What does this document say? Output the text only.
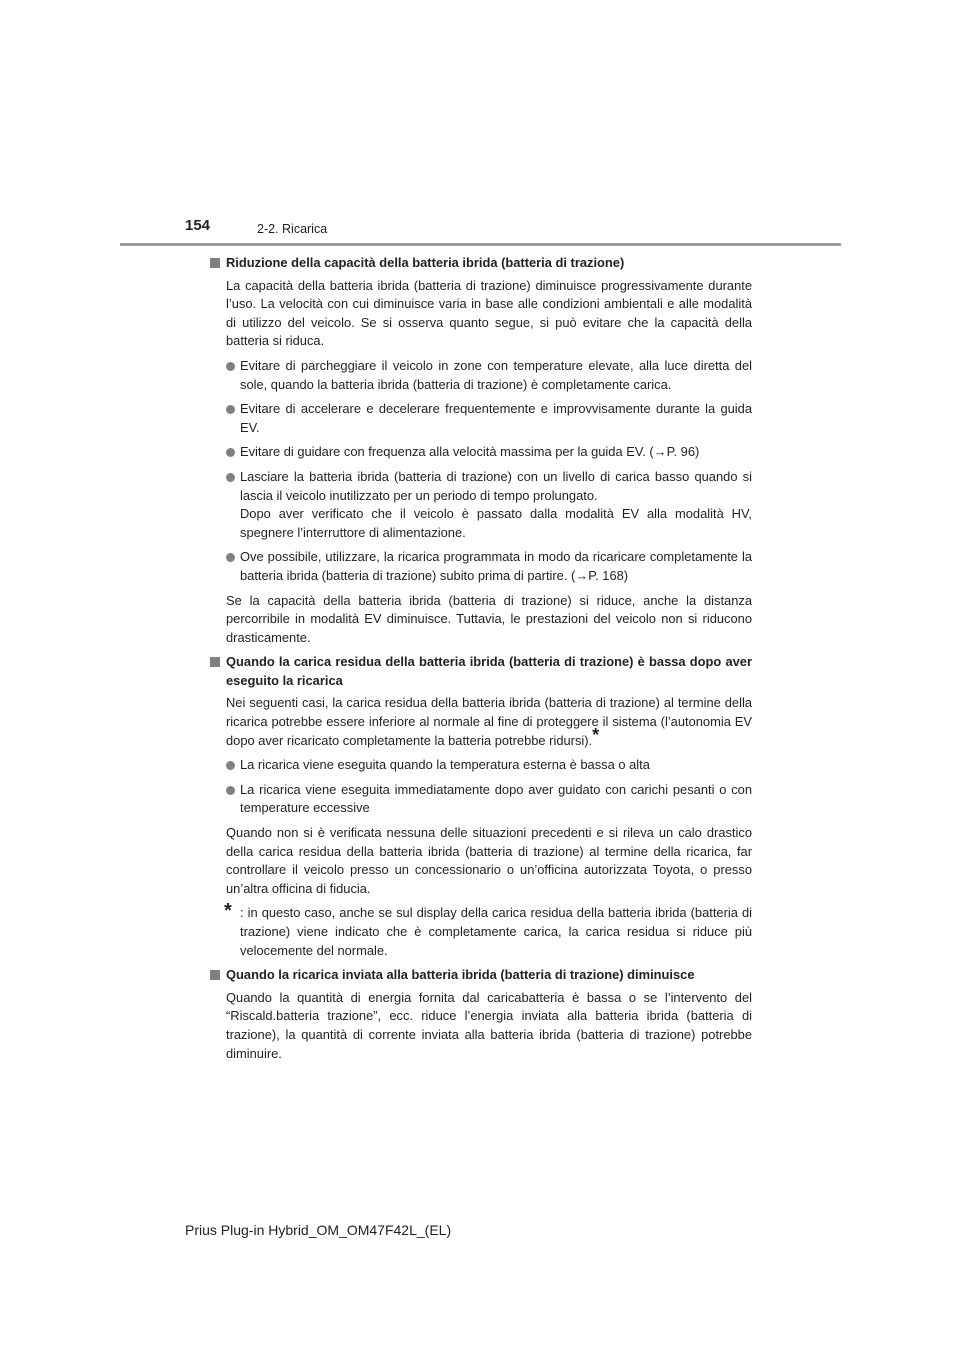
154	2-2. Ricarica
Riduzione della capacità della batteria ibrida (batteria di trazione)
La capacità della batteria ibrida (batteria di trazione) diminuisce progressivamente durante l’uso. La velocità con cui diminuisce varia in base alle condizioni ambientali e alle modalità di utilizzo del veicolo. Se si osserva quanto segue, si può evitare che la capacità della batteria si riduca.
Evitare di parcheggiare il veicolo in zone con temperature elevate, alla luce diretta del sole, quando la batteria ibrida (batteria di trazione) è completamente carica.
Evitare di accelerare e decelerare frequentemente e improvvisamente durante la guida EV.
Evitare di guidare con frequenza alla velocità massima per la guida EV. (→P. 96)
Lasciare la batteria ibrida (batteria di trazione) con un livello di carica basso quando si lascia il veicolo inutilizzato per un periodo di tempo prolungato.
Dopo aver verificato che il veicolo è passato dalla modalità EV alla modalità HV, spegnere l’interruttore di alimentazione.
Ove possibile, utilizzare, la ricarica programmata in modo da ricaricare completamente la batteria ibrida (batteria di trazione) subito prima di partire. (→P. 168)
Se la capacità della batteria ibrida (batteria di trazione) si riduce, anche la distanza percorribile in modalità EV diminuisce. Tuttavia, le prestazioni del veicolo non si riducono drasticamente.
Quando la carica residua della batteria ibrida (batteria di trazione) è bassa dopo aver eseguito la ricarica
Nei seguenti casi, la carica residua della batteria ibrida (batteria di trazione) al termine della ricarica potrebbe essere inferiore al normale al fine di proteggere il sistema (l’autonomia EV dopo aver ricaricato completamente la batteria potrebbe ridursi).*
La ricarica viene eseguita quando la temperatura esterna è bassa o alta
La ricarica viene eseguita immediatamente dopo aver guidato con carichi pesanti o con temperature eccessive
Quando non si è verificata nessuna delle situazioni precedenti e si rileva un calo drastico della carica residua della batteria ibrida (batteria di trazione) al termine della ricarica, far controllare il veicolo presso un concessionario o un’officina autorizzata Toyota, o presso un’altra officina di fiducia.
* : in questo caso, anche se sul display della carica residua della batteria ibrida (batteria di trazione) viene indicato che è completamente carica, la carica residua si riduce più velocemente del normale.
Quando la ricarica inviata alla batteria ibrida (batteria di trazione) diminuisce
Quando la quantità di energia fornita dal caricabatteria è bassa o se l’intervento del “Riscald.batteria trazione”, ecc. riduce l’energia inviata alla batteria ibrida (batteria di trazione), la quantità di corrente inviata alla batteria ibrida (batteria di trazione) potrebbe diminuire.
Prius Plug-in Hybrid_OM_OM47F42L_(EL)
